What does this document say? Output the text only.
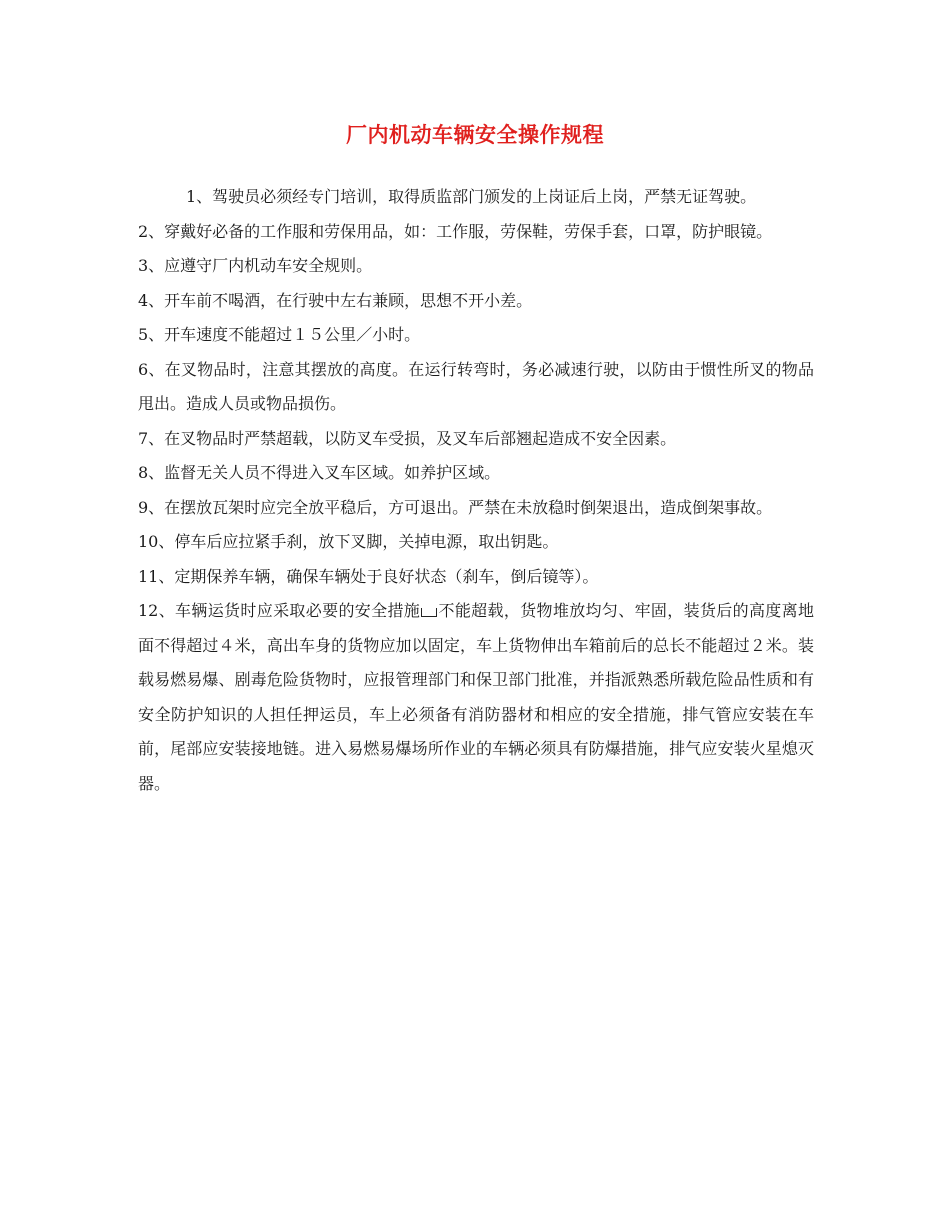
厂内机动车辆安全操作规程

1、驾驶员必须经专门培训，取得质监部门颁发的上岗证后上岗，严禁无证驾驶。

2、穿戴好必备的工作服和劳保用品，如：工作服，劳保鞋，劳保手套，口罩，防护眼镜。

3、应遵守厂内机动车安全规则。

4、开车前不喝酒，在行驶中左右兼顾，思想不开小差。

5、开车速度不能超过１５公里／小时。

6、在叉物品时，注意其摆放的高度。在运行转弯时，务必减速行驶，以防由于惯性所叉的物品甩出。造成人员或物品损伤。

7、在叉物品时严禁超载，以防叉车受损，及叉车后部翘起造成不安全因素。

8、监督无关人员不得进入叉车区域。如养护区域。

9、在摆放瓦架时应完全放平稳后，方可退出。严禁在未放稳时倒架退出，造成倒架事故。

10、停车后应拉紧手刹，放下叉脚，关掉电源，取出钥匙。

11、定期保养车辆，确保车辆处于良好状态（刹车，倒后镜等）。

12、车辆运货时应采取必要的安全措施 不能超载，货物堆放均匀、牢固，装货后的高度离地面不得超过４米，高出车身的货物应加以固定，车上货物伸出车箱前后的总长不能超过２米。装载易燃易爆、剧毒危险货物时，应报管理部门和保卫部门批准，并指派熟悉所载危险品性质和有安全防护知识的人担任押运员，车上必须备有消防器材和相应的安全措施，排气管应安装在车前，尾部应安装接地链。进入易燃易爆场所作业的车辆必须具有防爆措施，排气应安装火星熄灭器。
